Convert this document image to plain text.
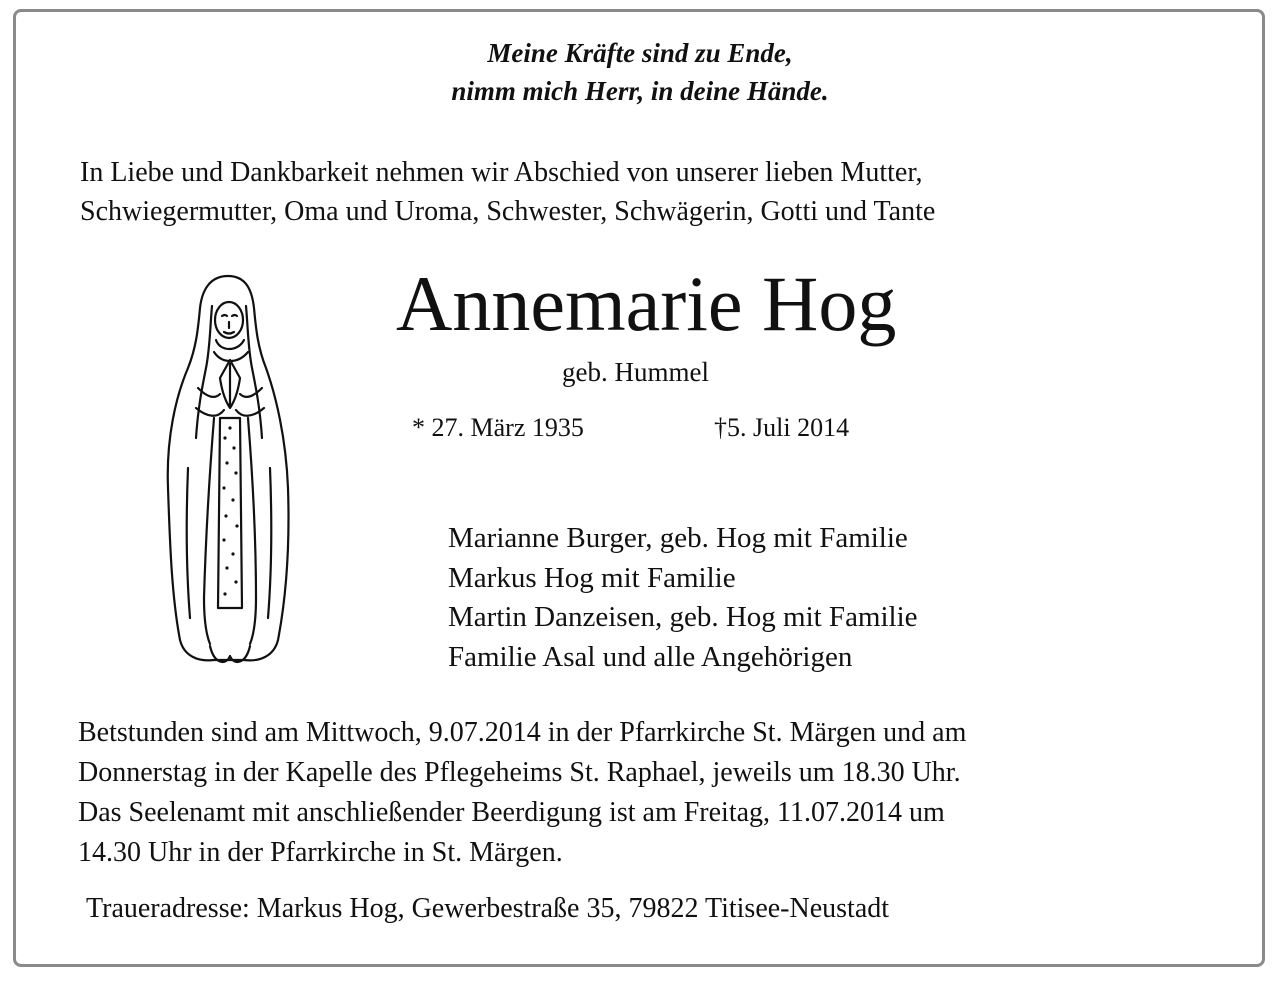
Meine Kräfte sind zu Ende,
nimm mich Herr, in deine Hände.
In Liebe und Dankbarkeit nehmen wir Abschied von unserer lieben Mutter,
Schwiegermutter, Oma und Uroma, Schwester, Schwägerin, Gotti und Tante
Annemarie Hog
geb. Hummel
* 27. März 1935	†5. Juli 2014
Marianne Burger, geb. Hog mit Familie
Markus Hog mit Familie
Martin Danzeisen, geb. Hog mit Familie
Familie Asal und alle Angehörigen
Betstunden sind am Mittwoch, 9.07.2014 in der Pfarrkirche St. Märgen und am
Donnerstag in der Kapelle des Pflegeheims St. Raphael, jeweils um 18.30 Uhr.
Das Seelenamt mit anschließender Beerdigung ist am Freitag, 11.07.2014 um
14.30 Uhr in der Pfarrkirche in St. Märgen.
Traueradresse: Markus Hog, Gewerbestraße 35, 79822 Titisee-Neustadt
